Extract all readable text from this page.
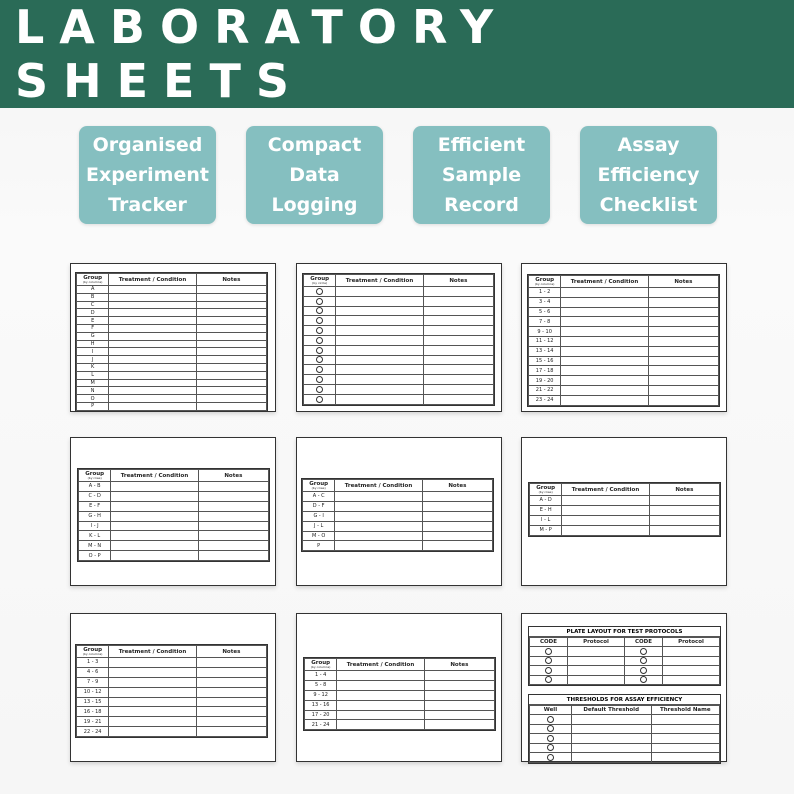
LABORATORY SHEETS
Organised
Experiment
Tracker
Compact
Data
Logging
Efficient
Sample
Record
Assay
Efficiency
Checklist
Group
(by columns)	Treatment / Condition	Notes
A		
B		
C		
D		
E		
F		
G		
H		
I		
J		
K		
L		
M		
N		
O		
P		
Group
(by circle)	Treatment / Condition	Notes

			Group
(by columns)	Treatment / Condition	Notes
1 - 2		
3 - 4		
5 - 6		
7 - 8		
9 - 10		
11 - 12		
13 - 14		
15 - 16		
17 - 18		
19 - 20		
21 - 22		
23 - 24		
Group
(by rows)	Treatment / Condition	Notes
A - B		
C - D		
E - F		
G - H		
I - J		
K - L		
M - N		
O - P		
Group
(by rows)	Treatment / Condition	Notes
A - C		
D - F		
G - I		
J - L		
M - O		
P		
Group
(by rows)	Treatment / Condition	Notes
A - D		
E - H		
I - L		
M - P		
Group
(by columns)	Treatment / Condition	Notes
1 - 3		
4 - 6		
7 - 9		
10 - 12		
13 - 15		
16 - 18		
19 - 21		
22 - 24		
Group
(by columns)	Treatment / Condition	Notes
1 - 4		
5 - 8		
9 - 12		
13 - 16		
17 - 20		
21 - 24		
PLATE LAYOUT FOR TEST PROTOCOLS
CODE	Protocol	CODE	Protocol

THRESHOLDS FOR ASSAY EFFICIENCY
Well	Default Threshold	Threshold Name
